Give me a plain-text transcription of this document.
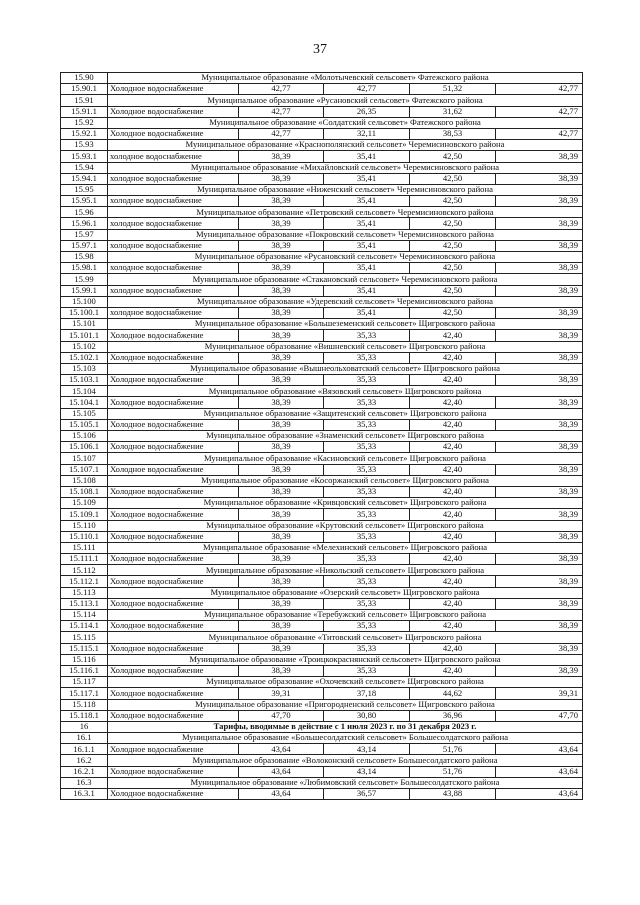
37
15.90	Муниципальное образование «Молотычевский сельсовет» Фатежского района				
15.90.1	Холодное водоснабжение	42,77	42,77	51,32	42,77
15.91	Муниципальное образование «Русановский сельсовет» Фатежского района				
15.91.1	Холодное водоснабжение	42,77	26,35	31,62	42,77
15.92	Муниципальное образование «Солдатский сельсовет» Фатежского района				
15.92.1	Холодное водоснабжение	42,77	32,11	38,53	42,77
15.93	Муниципальное образование «Краснополянский сельсовет» Черемисиновского района				
15.93.1	холодное водоснабжение	38,39	35,41	42,50	38,39
15.94	Муниципальное образование «Михайловский сельсовет» Черемисиновского района				
15.94.1	холодное водоснабжение	38,39	35,41	42,50	38,39
15.95	Муниципальное образование «Ниженский сельсовет» Черемисиновского района				
15.95.1	холодное водоснабжение	38,39	35,41	42,50	38,39
15.96	Муниципальное образование «Петровский сельсовет» Черемисиновского района				
15.96.1	холодное водоснабжение	38,39	35,41	42,50	38,39
15.97	Муниципальное образование «Покровский сельсовет» Черемисиновского района				
15.97.1	холодное водоснабжение	38,39	35,41	42,50	38,39
15.98	Муниципальное образование «Русановский сельсовет» Черемисиновского района				
15.98.1	холодное водоснабжение	38,39	35,41	42,50	38,39
15.99	Муниципальное образование «Стакановский сельсовет» Черемисиновского района				
15.99.1	холодное водоснабжение	38,39	35,41	42,50	38,39
15.100	Муниципальное образование «Удеревский сельсовет» Черемисиновского района				
15.100.1	холодное водоснабжение	38,39	35,41	42,50	38,39
15.101	Муниципальное образование «Большеземенский сельсовет» Щигровского района				
15.101.1	Холодное водоснабжение	38,39	35,33	42,40	38,39
15.102	Муниципальное образование «Вишневский сельсовет» Щигровского района				
15.102.1	Холодное водоснабжение	38,39	35,33	42,40	38,39
15.103	Муниципальное образование «Вышнеольховатский сельсовет» Щигровского района				
15.103.1	Холодное водоснабжение	38,39	35,33	42,40	38,39
15.104	Муниципальное образование «Вязовский сельсовет» Щигровского района				
15.104.1	Холодное водоснабжение	38,39	35,33	42,40	38,39
15.105	Муниципальное образование «Защитенский сельсовет» Щигровского района				
15.105.1	Холодное водоснабжение	38,39	35,33	42,40	38,39
15.106	Муниципальное образование «Знаменский сельсовет» Щигровского района				
15.106.1	Холодное водоснабжение	38,39	35,33	42,40	38,39
15.107	Муниципальное образование «Касиновский сельсовет» Щигровского района				
15.107.1	Холодное водоснабжение	38,39	35,33	42,40	38,39
15.108	Муниципальное образование «Косоржанский сельсовет» Щигровского района				
15.108.1	Холодное водоснабжение	38,39	35,33	42,40	38,39
15.109	Муниципальное образование «Кривцовский сельсовет» Щигровского района				
15.109.1	Холодное водоснабжение	38,39	35,33	42,40	38,39
15.110	Муниципальное образование «Крутовский сельсовет» Щигровского района				
15.110.1	Холодное водоснабжение	38,39	35,33	42,40	38,39
15.111	Муниципальное образование «Мелехинский сельсовет» Щигровского района				
15.111.1	Холодное водоснабжение	38,39	35,33	42,40	38,39
15.112	Муниципальное образование «Никольский сельсовет» Щигровского района				
15.112.1	Холодное водоснабжение	38,39	35,33	42,40	38,39
15.113	Муниципальное образование «Озерский сельсовет» Щигровского района				
15.113.1	Холодное водоснабжение	38,39	35,33	42,40	38,39
15.114	Муниципальное образование «Теребужский сельсовет» Щигровского района				
15.114.1	Холодное водоснабжение	38,39	35,33	42,40	38,39
15.115	Муниципальное образование «Титовский сельсовет» Щигровского района				
15.115.1	Холодное водоснабжение	38,39	35,33	42,40	38,39
15.116	Муниципальное образование «Троицкокраснянский сельсовет» Щигровского района				
15.116.1	Холодное водоснабжение	38,39	35,33	42,40	38,39
15.117	Муниципальное образование «Охочевский сельсовет» Щигровского района				
15.117.1	Холодное водоснабжение	39,31	37,18	44,62	39,31
15.118	Муниципальное образование «Пригородненский сельсовет» Щигровского района				
15.118.1	Холодное водоснабжение	47,70	30,80	36,96	47,70
16	Тарифы, вводимые в действие с 1 июля 2023 г. по 31 декабря 2023 г.				
16.1	Муниципальное образование «Большесолдатский сельсовет» Большесолдатского района				
16.1.1	Холодное водоснабжение	43,64	43,14	51,76	43,64
16.2	Муниципальное образование «Волоконский сельсовет» Большесолдатского района				
16.2.1	Холодное водоснабжение	43,64	43,14	51,76	43,64
16.3	Муниципальное образование «Любимовский сельсовет» Большесолдатского района				
16.3.1	Холодное водоснабжение	43,64	36,57	43,88	43,64
